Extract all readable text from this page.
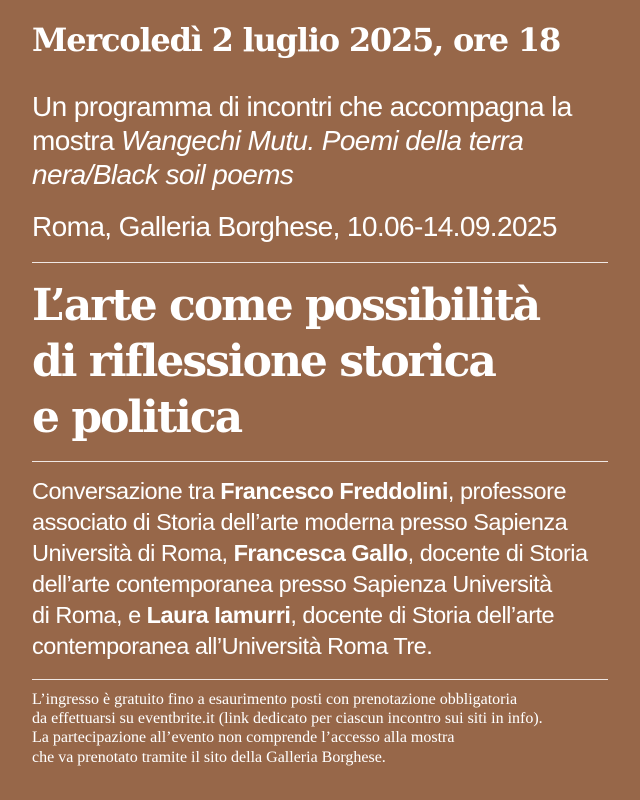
Mercoledì 2 luglio 2025, ore 18
Un programma di incontri che accompagna la mostra Wangechi Mutu. Poemi della terra nera/Black soil poems
Roma, Galleria Borghese, 10.06-14.09.2025
L’arte come possibilità
di riflessione storica
e politica
Conversazione tra Francesco Freddolini, professore
associato di Storia dell’arte moderna presso Sapienza
Università di Roma, Francesca Gallo, docente di Storia
dell’arte contemporanea presso Sapienza Università
di Roma, e Laura Iamurri, docente di Storia dell’arte
contemporanea all’Università Roma Tre.
L’ingresso è gratuito fino a esaurimento posti con prenotazione obbligatoria
da effettuarsi su eventbrite.it (link dedicato per ciascun incontro sui siti in info).
La partecipazione all’evento non comprende l’accesso alla mostra
che va prenotato tramite il sito della Galleria Borghese.
